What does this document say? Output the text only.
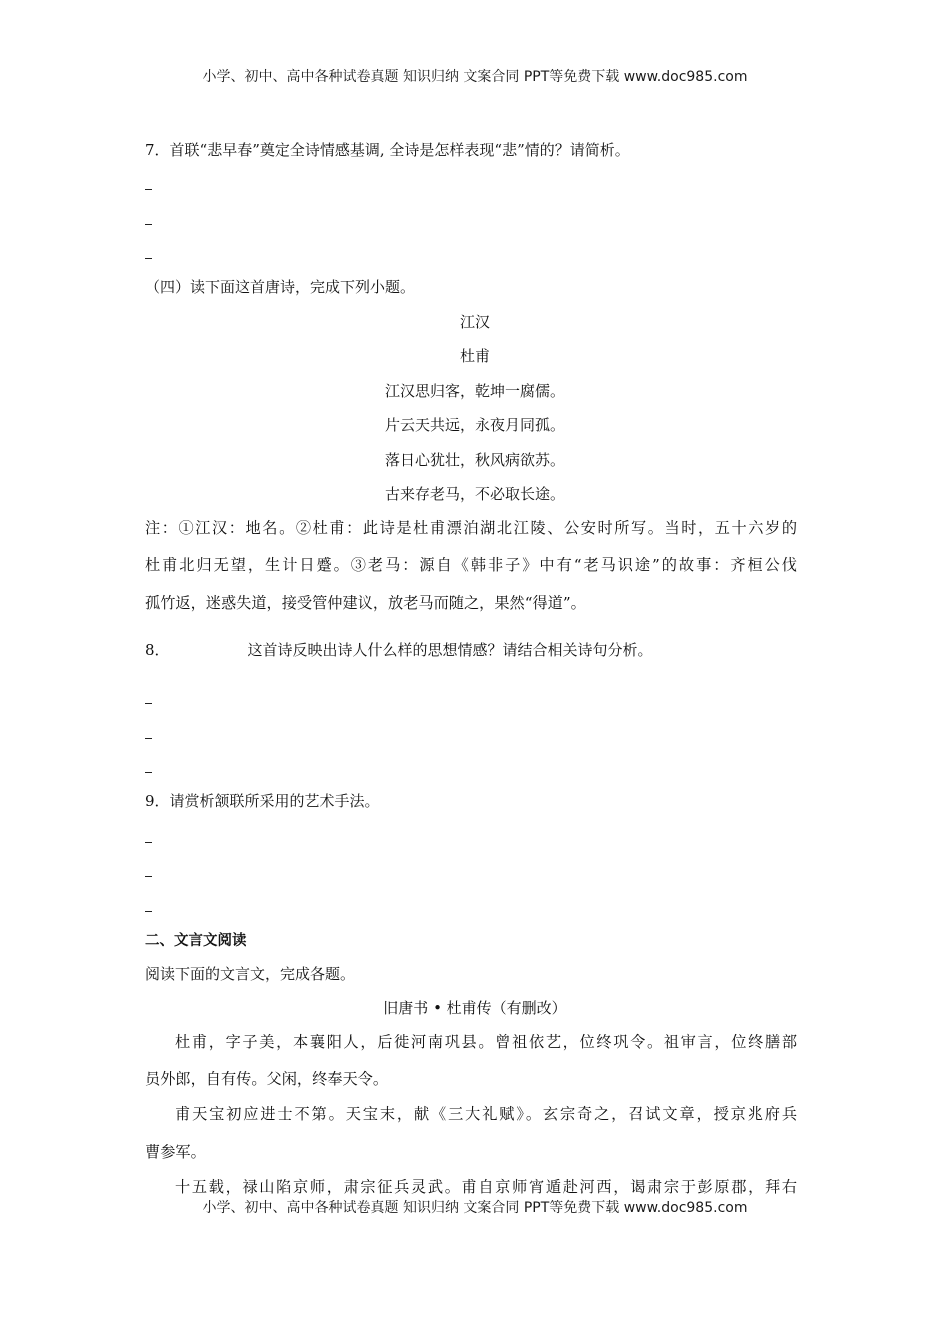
小学、初中、高中各种试卷真题 知识归纳 文案合同 PPT等免费下载 www.doc985.com
7．首联“悲早春”奠定全诗情感基调, 全诗是怎样表现“悲”情的？请简析。
（四）读下面这首唐诗，完成下列小题。
江汉
杜甫
江汉思归客，乾坤一腐儒。
片云天共远，永夜月同孤。
落日心犹壮，秋风病欲苏。
古来存老马，不必取长途。
注：①江汉：地名。②杜甫：此诗是杜甫漂泊湖北江陵、公安时所写。当时，五十六岁的
杜甫北归无望，生计日蹙。③老马：源自《韩非子》中有“老马识途”的故事：齐桓公伐
孤竹返，迷惑失道，接受管仲建议，放老马而随之，果然“得道”。
8．	这首诗反映出诗人什么样的思想情感？请结合相关诗句分析。
9．请赏析颔联所采用的艺术手法。
二、文言文阅读
阅读下面的文言文，完成各题。
旧唐书 • 杜甫传（有删改）
杜甫，字子美，本襄阳人，后徙河南巩县。曾祖依艺，位终巩令。祖审言，位终膳部
员外郎，自有传。父闲，终奉天令。
甫天宝初应进士不第。天宝末，献《三大礼赋》。玄宗奇之，召试文章，授京兆府兵
曹参军。
十五载，禄山陷京师，肃宗征兵灵武。甫自京师宵遁赴河西，谒肃宗于彭原郡，拜右
小学、初中、高中各种试卷真题 知识归纳 文案合同 PPT等免费下载 www.doc985.com
